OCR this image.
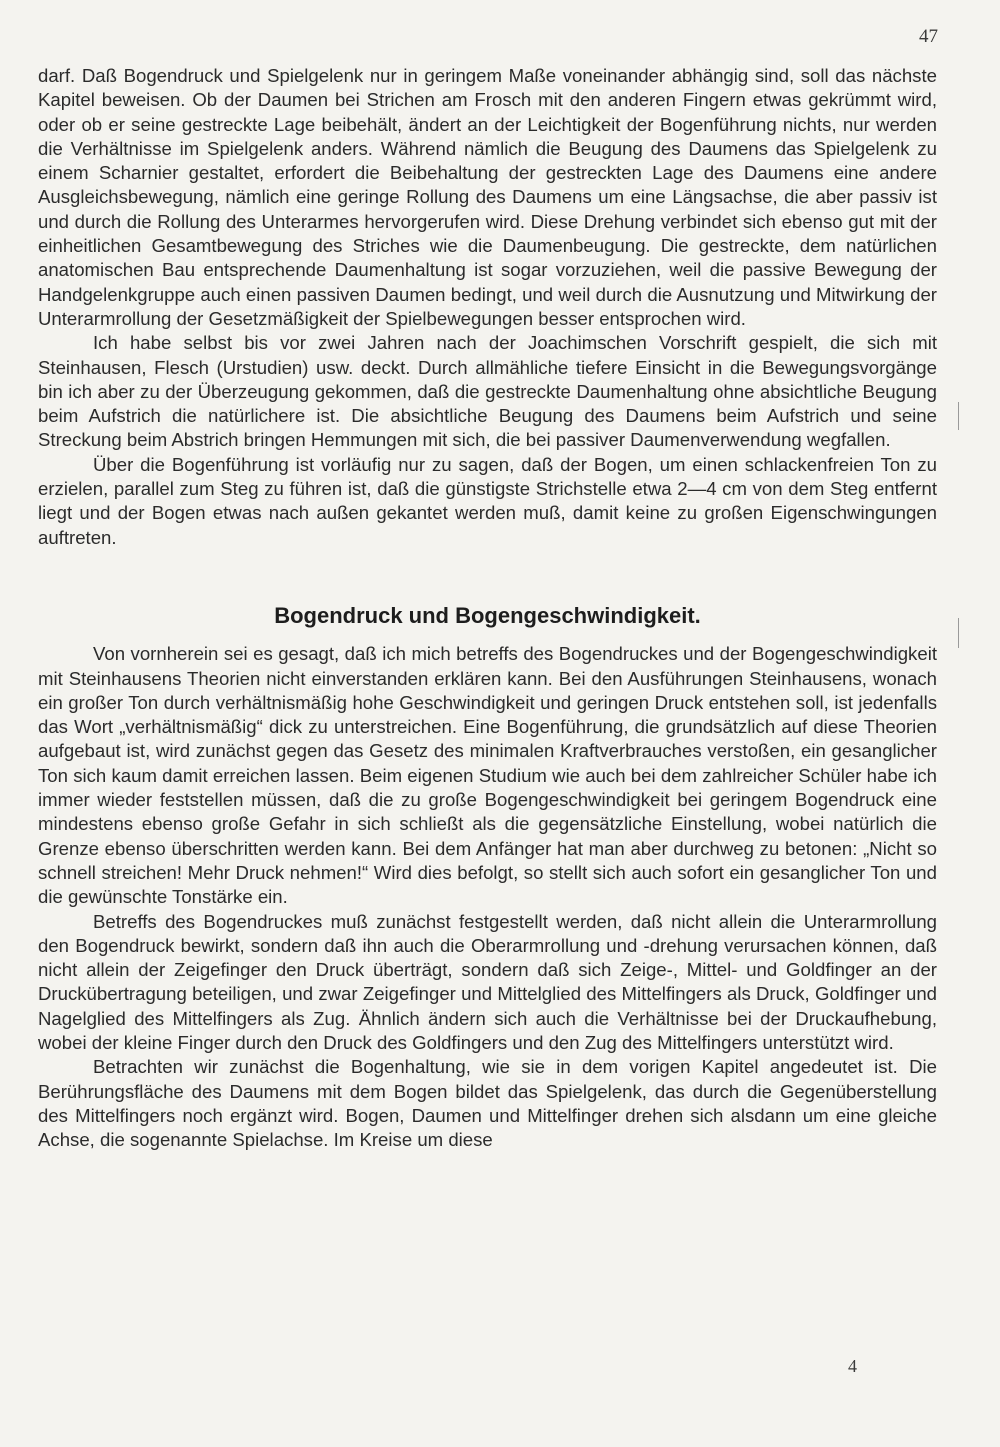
47

darf. Daß Bogendruck und Spielgelenk nur in geringem Maße voneinander abhängig sind, soll das nächste Kapitel beweisen. Ob der Daumen bei Strichen am Frosch mit den anderen Fingern etwas gekrümmt wird, oder ob er seine gestreckte Lage beibehält, ändert an der Leichtigkeit der Bogenführung nichts, nur werden die Verhältnisse im Spielgelenk anders. Während nämlich die Beugung des Daumens das Spielgelenk zu einem Scharnier gestaltet, erfordert die Beibehaltung der gestreckten Lage des Daumens eine andere Ausgleichsbewegung, nämlich eine geringe Rollung des Daumens um eine Längsachse, die aber passiv ist und durch die Rollung des Unterarmes hervorgerufen wird. Diese Drehung verbindet sich ebenso gut mit der einheitlichen Gesamtbewegung des Striches wie die Daumenbeugung. Die gestreckte, dem natürlichen anatomischen Bau entsprechende Daumenhaltung ist sogar vorzuziehen, weil die passive Bewegung der Handgelenkgruppe auch einen passiven Daumen bedingt, und weil durch die Ausnutzung und Mitwirkung der Unterarmrollung der Gesetzmäßigkeit der Spielbewegungen besser entsprochen wird.

Ich habe selbst bis vor zwei Jahren nach der Joachimschen Vorschrift gespielt, die sich mit Steinhausen, Flesch (Urstudien) usw. deckt. Durch allmähliche tiefere Einsicht in die Bewegungsvorgänge bin ich aber zu der Überzeugung gekommen, daß die gestreckte Daumenhaltung ohne absichtliche Beugung beim Aufstrich die natürlichere ist. Die absichtliche Beugung des Daumens beim Aufstrich und seine Streckung beim Abstrich bringen Hemmungen mit sich, die bei passiver Daumenverwendung wegfallen.

Über die Bogenführung ist vorläufig nur zu sagen, daß der Bogen, um einen schlackenfreien Ton zu erzielen, parallel zum Steg zu führen ist, daß die günstigste Strichstelle etwa 2—4 cm von dem Steg entfernt liegt und der Bogen etwas nach außen gekantet werden muß, damit keine zu großen Eigenschwingungen auftreten.

Bogendruck und Bogengeschwindigkeit.

Von vornherein sei es gesagt, daß ich mich betreffs des Bogendruckes und der Bogengeschwindigkeit mit Steinhausens Theorien nicht einverstanden erklären kann. Bei den Ausführungen Steinhausens, wonach ein großer Ton durch verhältnismäßig hohe Geschwindigkeit und geringen Druck entstehen soll, ist jedenfalls das Wort „verhältnismäßig“ dick zu unterstreichen. Eine Bogenführung, die grundsätzlich auf diese Theorien aufgebaut ist, wird zunächst gegen das Gesetz des minimalen Kraftverbrauches verstoßen, ein gesanglicher Ton sich kaum damit erreichen lassen. Beim eigenen Studium wie auch bei dem zahlreicher Schüler habe ich immer wieder feststellen müssen, daß die zu große Bogengeschwindigkeit bei geringem Bogendruck eine mindestens ebenso große Gefahr in sich schließt als die gegensätzliche Einstellung, wobei natürlich die Grenze ebenso überschritten werden kann. Bei dem Anfänger hat man aber durchweg zu betonen: „Nicht so schnell streichen! Mehr Druck nehmen!“ Wird dies befolgt, so stellt sich auch sofort ein gesanglicher Ton und die gewünschte Tonstärke ein.

Betreffs des Bogendruckes muß zunächst festgestellt werden, daß nicht allein die Unterarmrollung den Bogendruck bewirkt, sondern daß ihn auch die Oberarmrollung und -drehung verursachen können, daß nicht allein der Zeigefinger den Druck überträgt, sondern daß sich Zeige-, Mittel- und Goldfinger an der Druckübertragung beteiligen, und zwar Zeigefinger und Mittelglied des Mittelfingers als Druck, Goldfinger und Nagelglied des Mittelfingers als Zug. Ähnlich ändern sich auch die Verhältnisse bei der Druckaufhebung, wobei der kleine Finger durch den Druck des Goldfingers und den Zug des Mittelfingers unterstützt wird.

Betrachten wir zunächst die Bogenhaltung, wie sie in dem vorigen Kapitel angedeutet ist. Die Berührungsfläche des Daumens mit dem Bogen bildet das Spielgelenk, das durch die Gegenüberstellung des Mittelfingers noch ergänzt wird. Bogen, Daumen und Mittelfinger drehen sich alsdann um eine gleiche Achse, die sogenannte Spielachse. Im Kreise um diese

4
